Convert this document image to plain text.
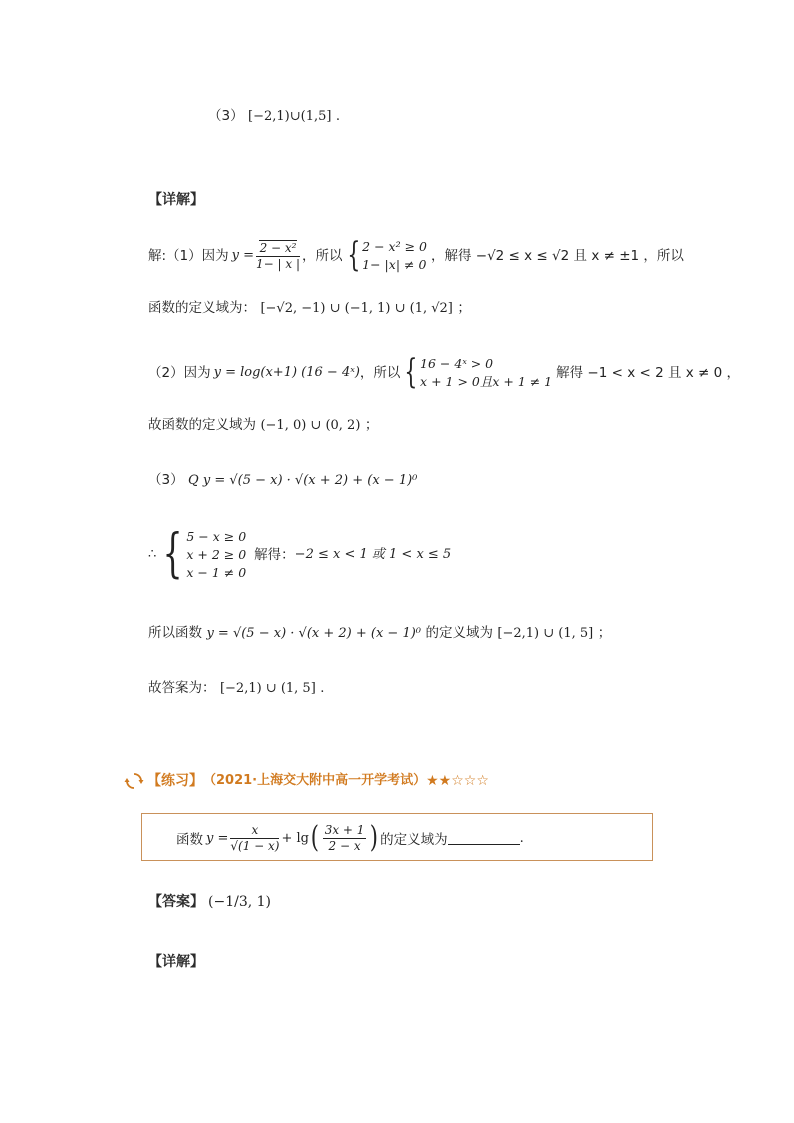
（3） [−2,1)∪(1,5] .
【详解】
解:（1）因为 $y = \frac{\text{2 − x²}}{1- | x |}$ ，所以 { 2 − x² ≥ 0
1− |x| ≠ 0
，解得 −√2 ≤ x ≤ √2 且 x ≠ ±1 ，所以
函数的定义域为： [−√2, −1) ∪ (−1, 1) ∪ (1, √2] ；
（2）因为 y = log(x+1) (16 − 4ˣ) ，所以 { 16 − 4ˣ > 0
x + 1 > 0且x + 1 ≠ 1
解得 −1 < x < 2 且 x ≠ 0 ，
故函数的定义域为 (−1, 0) ∪ (0, 2) ；
（3） Q y = √(5 − x) · √(x + 2) + (x − 1)⁰
∴ { 5 − x ≥ 0
x + 2 ≥ 0
x − 1 ≠ 0
解得： −2 ≤ x < 1 或 1 < x ≤ 5
所以函数 y = √(5 − x) · √(x + 2) + (x − 1)⁰ 的定义域为 [−2,1) ∪ (1, 5] ；
故答案为： [−2,1) ∪ (1, 5] .
【练习】 （2021·上海交大附中高一开学考试） ★★☆☆☆
函数 $y = \frac{x}{√(1 - x)} + \lg$ ( $\frac{3x + 1}{2 - x}$ ) 的定义域为	.
【答案】 (−1/3, 1)
【详解】
